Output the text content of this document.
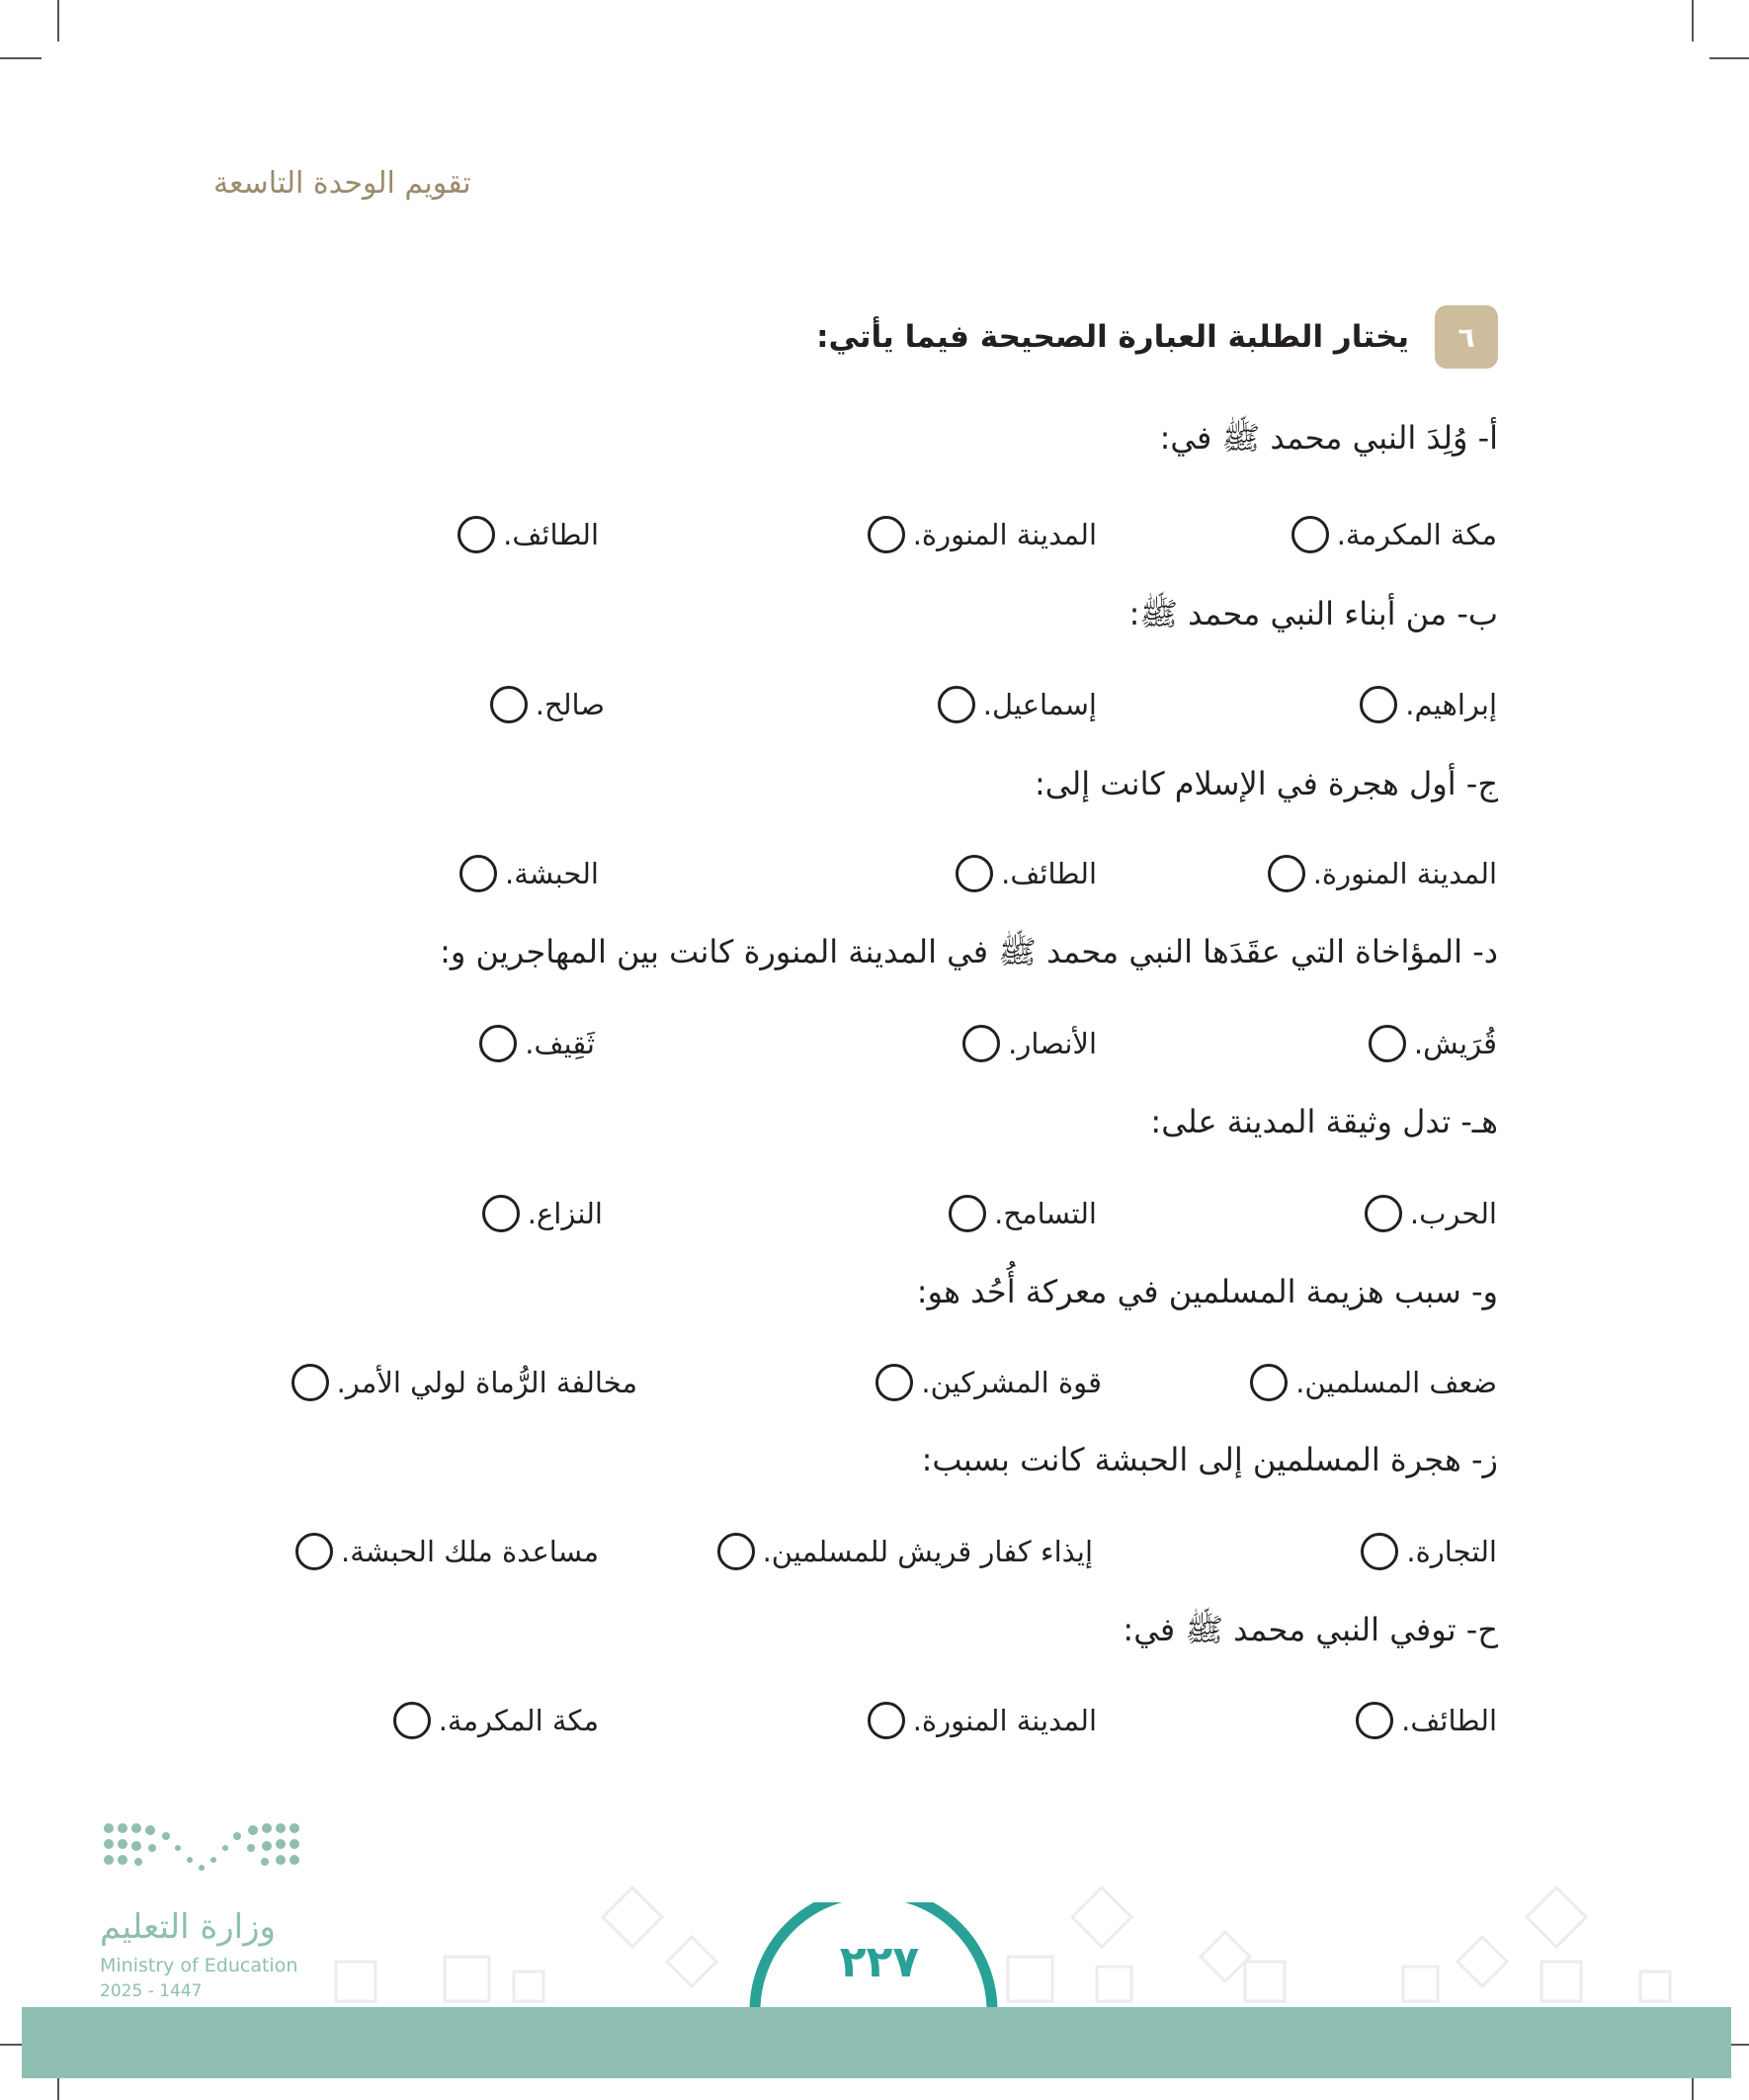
تقويم الوحدة التاسعة
٦
يختار الطلبة العبارة الصحيحة فيما يأتي:
أ- وُلِدَ النبي محمد ﷺ في:
مكة المكرمة.
المدينة المنورة.
الطائف.
ب- من أبناء النبي محمد ﷺ:
إبراهيم.
إسماعيل.
صالح.
ج- أول هجرة في الإسلام كانت إلى:
المدينة المنورة.
الطائف.
الحبشة.
د- المؤاخاة التي عقَدَها النبي محمد ﷺ في المدينة المنورة كانت بين المهاجرين و:
قُرَيش.
الأنصار.
ثَقِيف.
هـ- تدل وثيقة المدينة على:
الحرب.
التسامح.
النزاع.
و- سبب هزيمة المسلمين في معركة أُحُد هو:
ضعف المسلمين.
قوة المشركين.
مخالفة الرُّماة لولي الأمر.
ز- هجرة المسلمين إلى الحبشة كانت بسبب:
التجارة.
إيذاء كفار قريش للمسلمين.
مساعدة ملك الحبشة.
ح- توفي النبي محمد ﷺ في:
الطائف.
المدينة المنورة.
مكة المكرمة.
٢٢٧
وزارة التعليم
Ministry of Education
2025 - 1447
